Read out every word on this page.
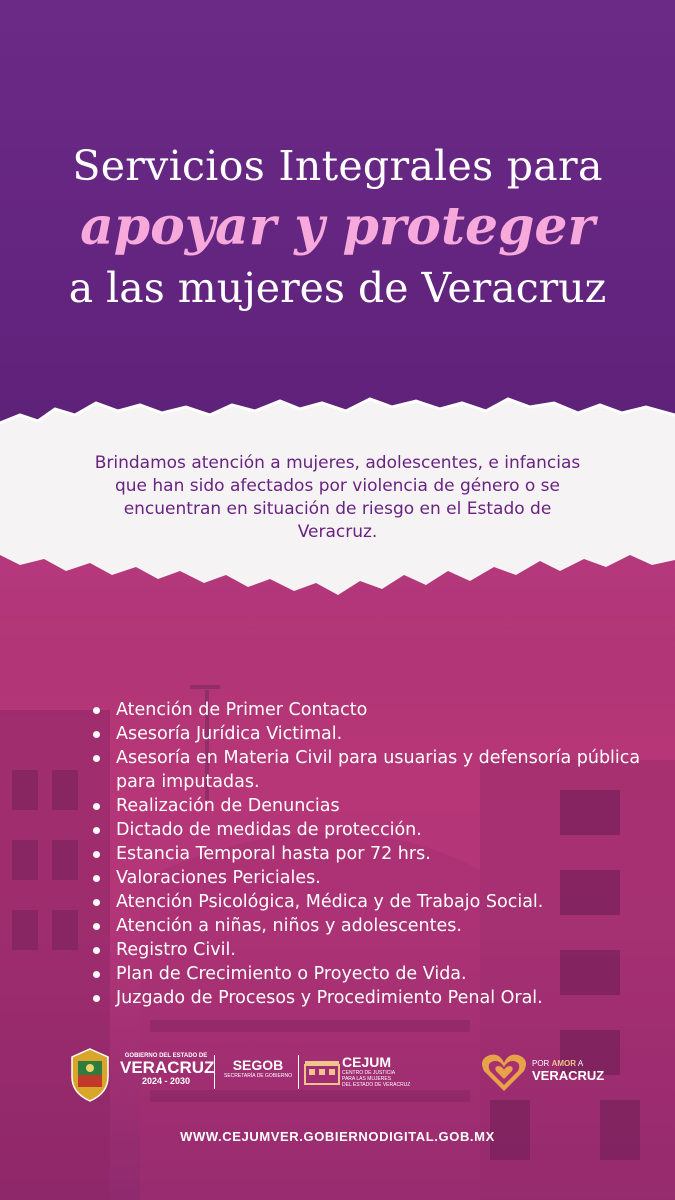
Servicios Integrales para
apoyar y proteger
a las mujeres de Veracruz

Brindamos atención a mujeres, adolescentes, e infancias que han sido afectados por violencia de género o se encuentran en situación de riesgo en el Estado de Veracruz.

Atención de Primer Contacto
Asesoría Jurídica Victimal.
Asesoría en Materia Civil para usuarias y defensoría pública para imputadas.
Realización de Denuncias
Dictado de medidas de protección.
Estancia Temporal hasta por 72 hrs.
Valoraciones Periciales.
Atención Psicológica, Médica y de Trabajo Social.
Atención a niñas, niños y adolescentes.
Registro Civil.
Plan de Crecimiento o Proyecto de Vida.
Juzgado de Procesos y Procedimiento Penal Oral.
GOBIERNO DEL ESTADO DE
VERACRUZ
2024 - 2030
SEGOB
SECRETARÍA DE GOBIERNO
CEJUM
CENTRO DE JUSTICIA
PARA LAS MUJERES
DEL ESTADO DE VERACRUZ
POR AMOR A
VERACRUZ
WWW.CEJUMVER.GOBIERNODIGITAL.GOB.MX
